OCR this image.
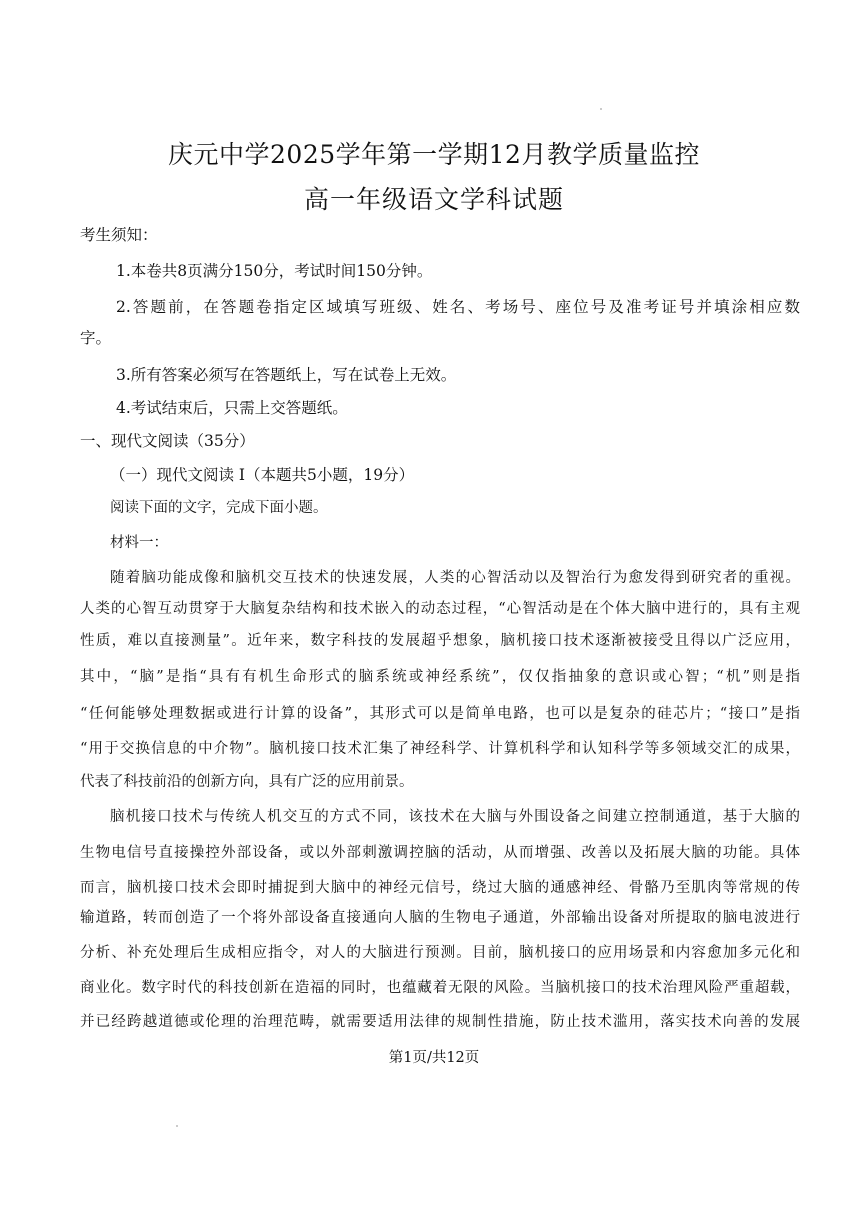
庆元中学2025学年第一学期12月教学质量监控
高一年级语文学科试题
考生须知：
1.本卷共8页满分150分，考试时间150分钟。
2.答题前，在答题卷指定区域填写班级、姓名、考场号、座位号及准考证号并填涂相应数
字。
3.所有答案必须写在答题纸上，写在试卷上无效。
4.考试结束后，只需上交答题纸。
一、现代文阅读（35分）
（一）现代文阅读 I（本题共5小题，19分）
阅读下面的文字，完成下面小题。
材料一：
随着脑功能成像和脑机交互技术的快速发展，人类的心智活动以及智治行为愈发得到研究者的重视。
人类的心智互动贯穿于大脑复杂结构和技术嵌入的动态过程，“心智活动是在个体大脑中进行的，具有主观
性质，难以直接测量”。近年来，数字科技的发展超乎想象，脑机接口技术逐渐被接受且得以广泛应用，
其中，“脑”是指“具有有机生命形式的脑系统或神经系统”，仅仅指抽象的意识或心智；“机”则是指
“任何能够处理数据或进行计算的设备”，其形式可以是简单电路，也可以是复杂的硅芯片；“接口”是指
“用于交换信息的中介物”。脑机接口技术汇集了神经科学、计算机科学和认知科学等多领域交汇的成果，
代表了科技前沿的创新方向，具有广泛的应用前景。
脑机接口技术与传统人机交互的方式不同，该技术在大脑与外围设备之间建立控制通道，基于大脑的
生物电信号直接操控外部设备，或以外部刺激调控脑的活动，从而增强、改善以及拓展大脑的功能。具体
而言，脑机接口技术会即时捕捉到大脑中的神经元信号，绕过大脑的通感神经、骨骼乃至肌肉等常规的传
输道路，转而创造了一个将外部设备直接通向人脑的生物电子通道，外部输出设备对所提取的脑电波进行
分析、补充处理后生成相应指令，对人的大脑进行预测。目前，脑机接口的应用场景和内容愈加多元化和
商业化。数字时代的科技创新在造福的同时，也蕴藏着无限的风险。当脑机接口的技术治理风险严重超载，
并已经跨越道德或伦理的治理范畴，就需要适用法律的规制性措施，防止技术滥用，落实技术向善的发展
第1页/共12页
